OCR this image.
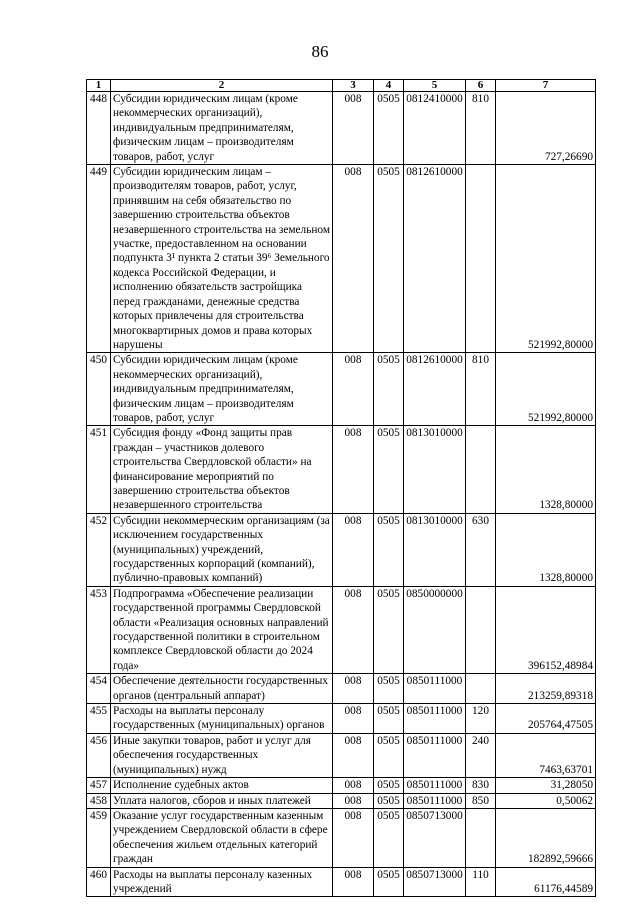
86
1	2	3	4	5	6	7
448	Субсидии юридическим лицам (кроме некоммерческих организаций), индивидуальным предпринимателям, физическим лицам – производителям товаров, работ, услуг	008	0505	0812410000	810	727,26690
449	Субсидии юридическим лицам – производителям товаров, работ, услуг, принявшим на себя обязательство по завершению строительства объектов незавершенного строительства на земельном участке, предоставленном на основании подпункта 3¹ пункта 2 статьи 39⁶ Земельного кодекса Российской Федерации, и исполнению обязательств застройщика перед гражданами, денежные средства которых привлечены для строительства многоквартирных домов и права которых нарушены	008	0505	0812610000		521992,80000
450	Субсидии юридическим лицам (кроме некоммерческих организаций), индивидуальным предпринимателям, физическим лицам – производителям товаров, работ, услуг	008	0505	0812610000	810	521992,80000
451	Субсидия фонду «Фонд защиты прав граждан – участников долевого строительства Свердловской области» на финансирование мероприятий по завершению строительства объектов незавершенного строительства	008	0505	0813010000		1328,80000
452	Субсидии некоммерческим организациям (за исключением государственных (муниципальных) учреждений, государственных корпораций (компаний), публично-правовых компаний)	008	0505	0813010000	630	1328,80000
453	Подпрограмма «Обеспечение реализации государственной программы Свердловской области «Реализация основных направлений государственной политики в строительном комплексе Свердловской области до 2024 года»	008	0505	0850000000		396152,48984
454	Обеспечение деятельности государственных органов (центральный аппарат)	008	0505	0850111000		213259,89318
455	Расходы на выплаты персоналу государственных (муниципальных) органов	008	0505	0850111000	120	205764,47505
456	Иные закупки товаров, работ и услуг для обеспечения государственных (муниципальных) нужд	008	0505	0850111000	240	7463,63701
457	Исполнение судебных актов	008	0505	0850111000	830	31,28050
458	Уплата налогов, сборов и иных платежей	008	0505	0850111000	850	0,50062
459	Оказание услуг государственным казенным учреждением Свердловской области в сфере обеспечения жильем отдельных категорий граждан	008	0505	0850713000		182892,59666
460	Расходы на выплаты персоналу казенных учреждений	008	0505	0850713000	110	61176,44589
